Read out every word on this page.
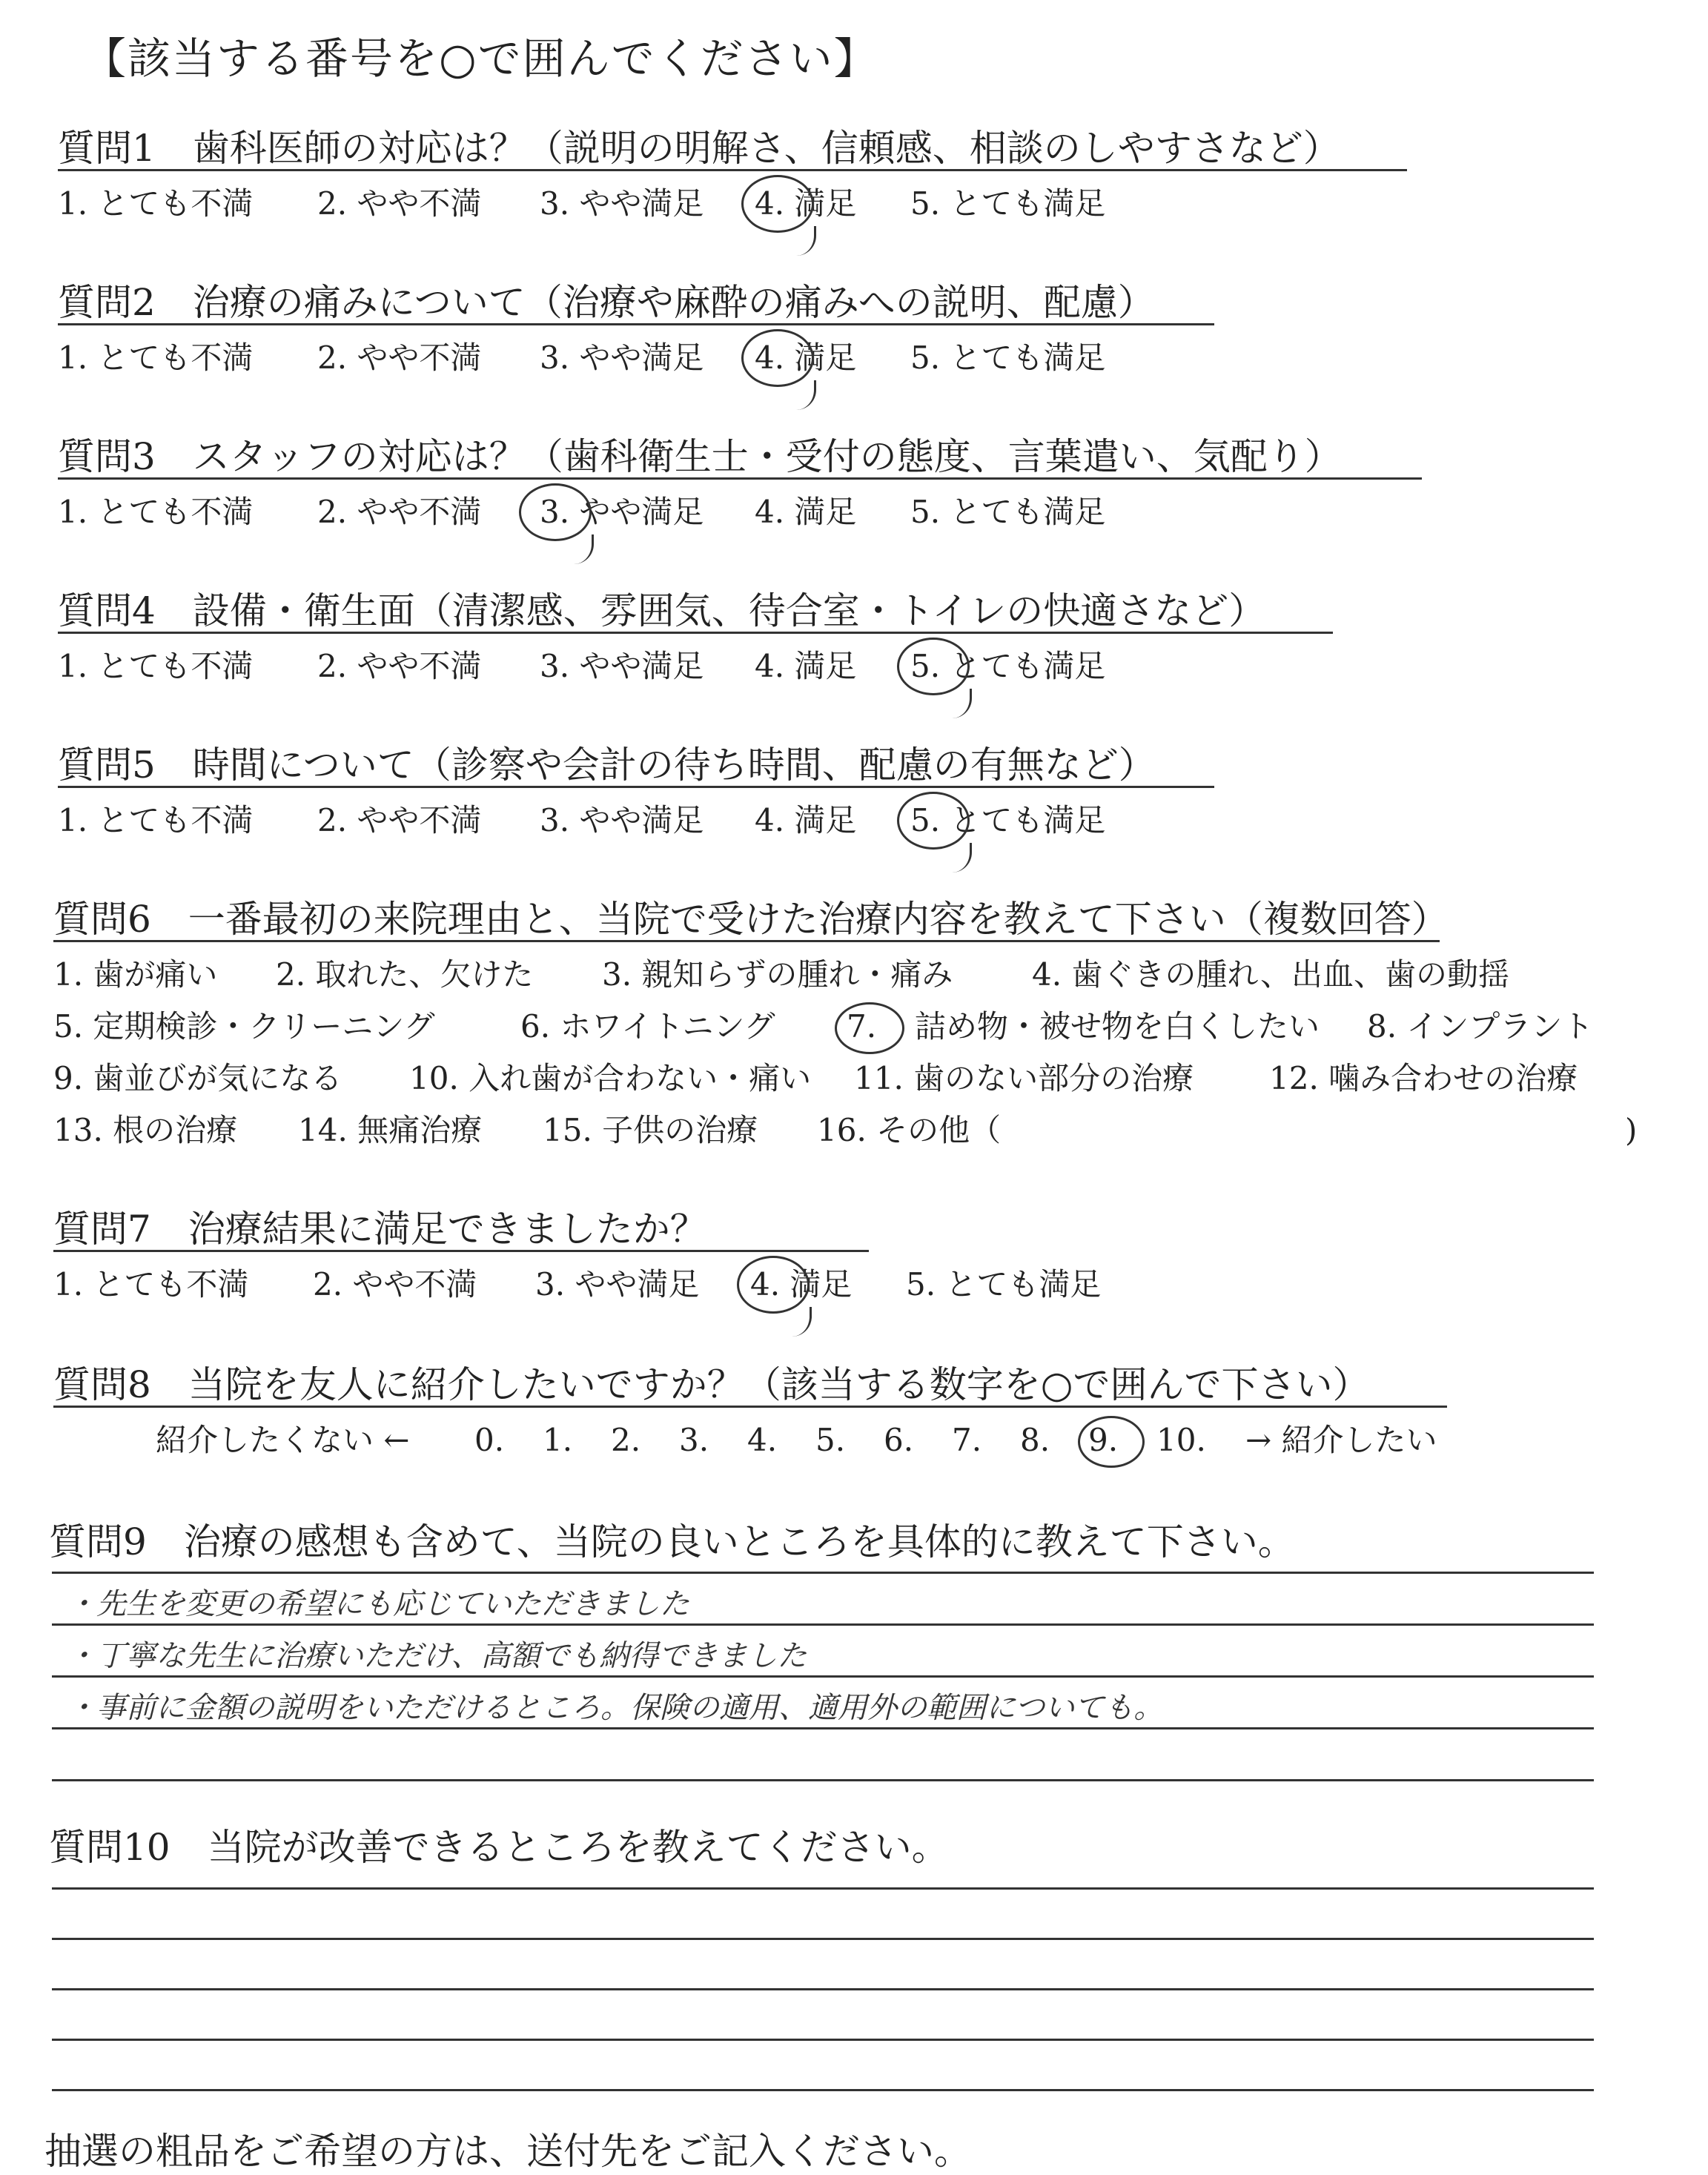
【該当する番号を○で囲んでください】
質問1　歯科医師の対応は？（説明の明解さ、信頼感、相談のしやすさなど）
1. とても不満	2. やや不満	3. やや満足	4. 満足	5. とても満足
質問2　治療の痛みについて（治療や麻酔の痛みへの説明、配慮）
1. とても不満	2. やや不満	3. やや満足	4. 満足	5. とても満足
質問3　スタッフの対応は？（歯科衛生士・受付の態度、言葉遣い、気配り）
1. とても不満	2. やや不満	3. やや満足	4. 満足	5. とても満足
質問4　設備・衛生面（清潔感、雰囲気、待合室・トイレの快適さなど）
1. とても不満	2. やや不満	3. やや満足	4. 満足	5. とても満足
質問5　時間について（診察や会計の待ち時間、配慮の有無など）
1. とても不満	2. やや不満	3. やや満足	4. 満足	5. とても満足
質問6　一番最初の来院理由と、当院で受けた治療内容を教えて下さい（複数回答）
1. 歯が痛い 2. 取れた、欠けた 3. 親知らずの腫れ・痛み	4. 歯ぐきの腫れ、出血、歯の動揺
5. 定期検診・クリーニング	6. ホワイトニング 7. 詰め物・被せ物を白くしたい 8. インプラント
9. 歯並びが気になる 10. 入れ歯が合わない・痛い 11. 歯のない部分の治療 12. 噛み合わせの治療
13. 根の治療 14. 無痛治療 15. 子供の治療 16. その他（	)
質問7　治療結果に満足できましたか？
1. とても不満	2. やや不満	3. やや満足	4. 満足	5. とても満足
質問8　当院を友人に紹介したいですか？（該当する数字を○で囲んで下さい）
紹介したくない ← 0. 1. 2. 3. 4. 5. 6. 7. 8. 9. 10. → 紹介したい
質問9　治療の感想も含めて、当院の良いところを具体的に教えて下さい。
・先生を変更の希望にも応じていただきました
・丁寧な先生に治療いただけ、高額でも納得できました
・事前に金額の説明をいただけるところ。保険の適用、適用外の範囲についても。
質問10　当院が改善できるところを教えてください。
抽選の粗品をご希望の方は、送付先をご記入ください。
